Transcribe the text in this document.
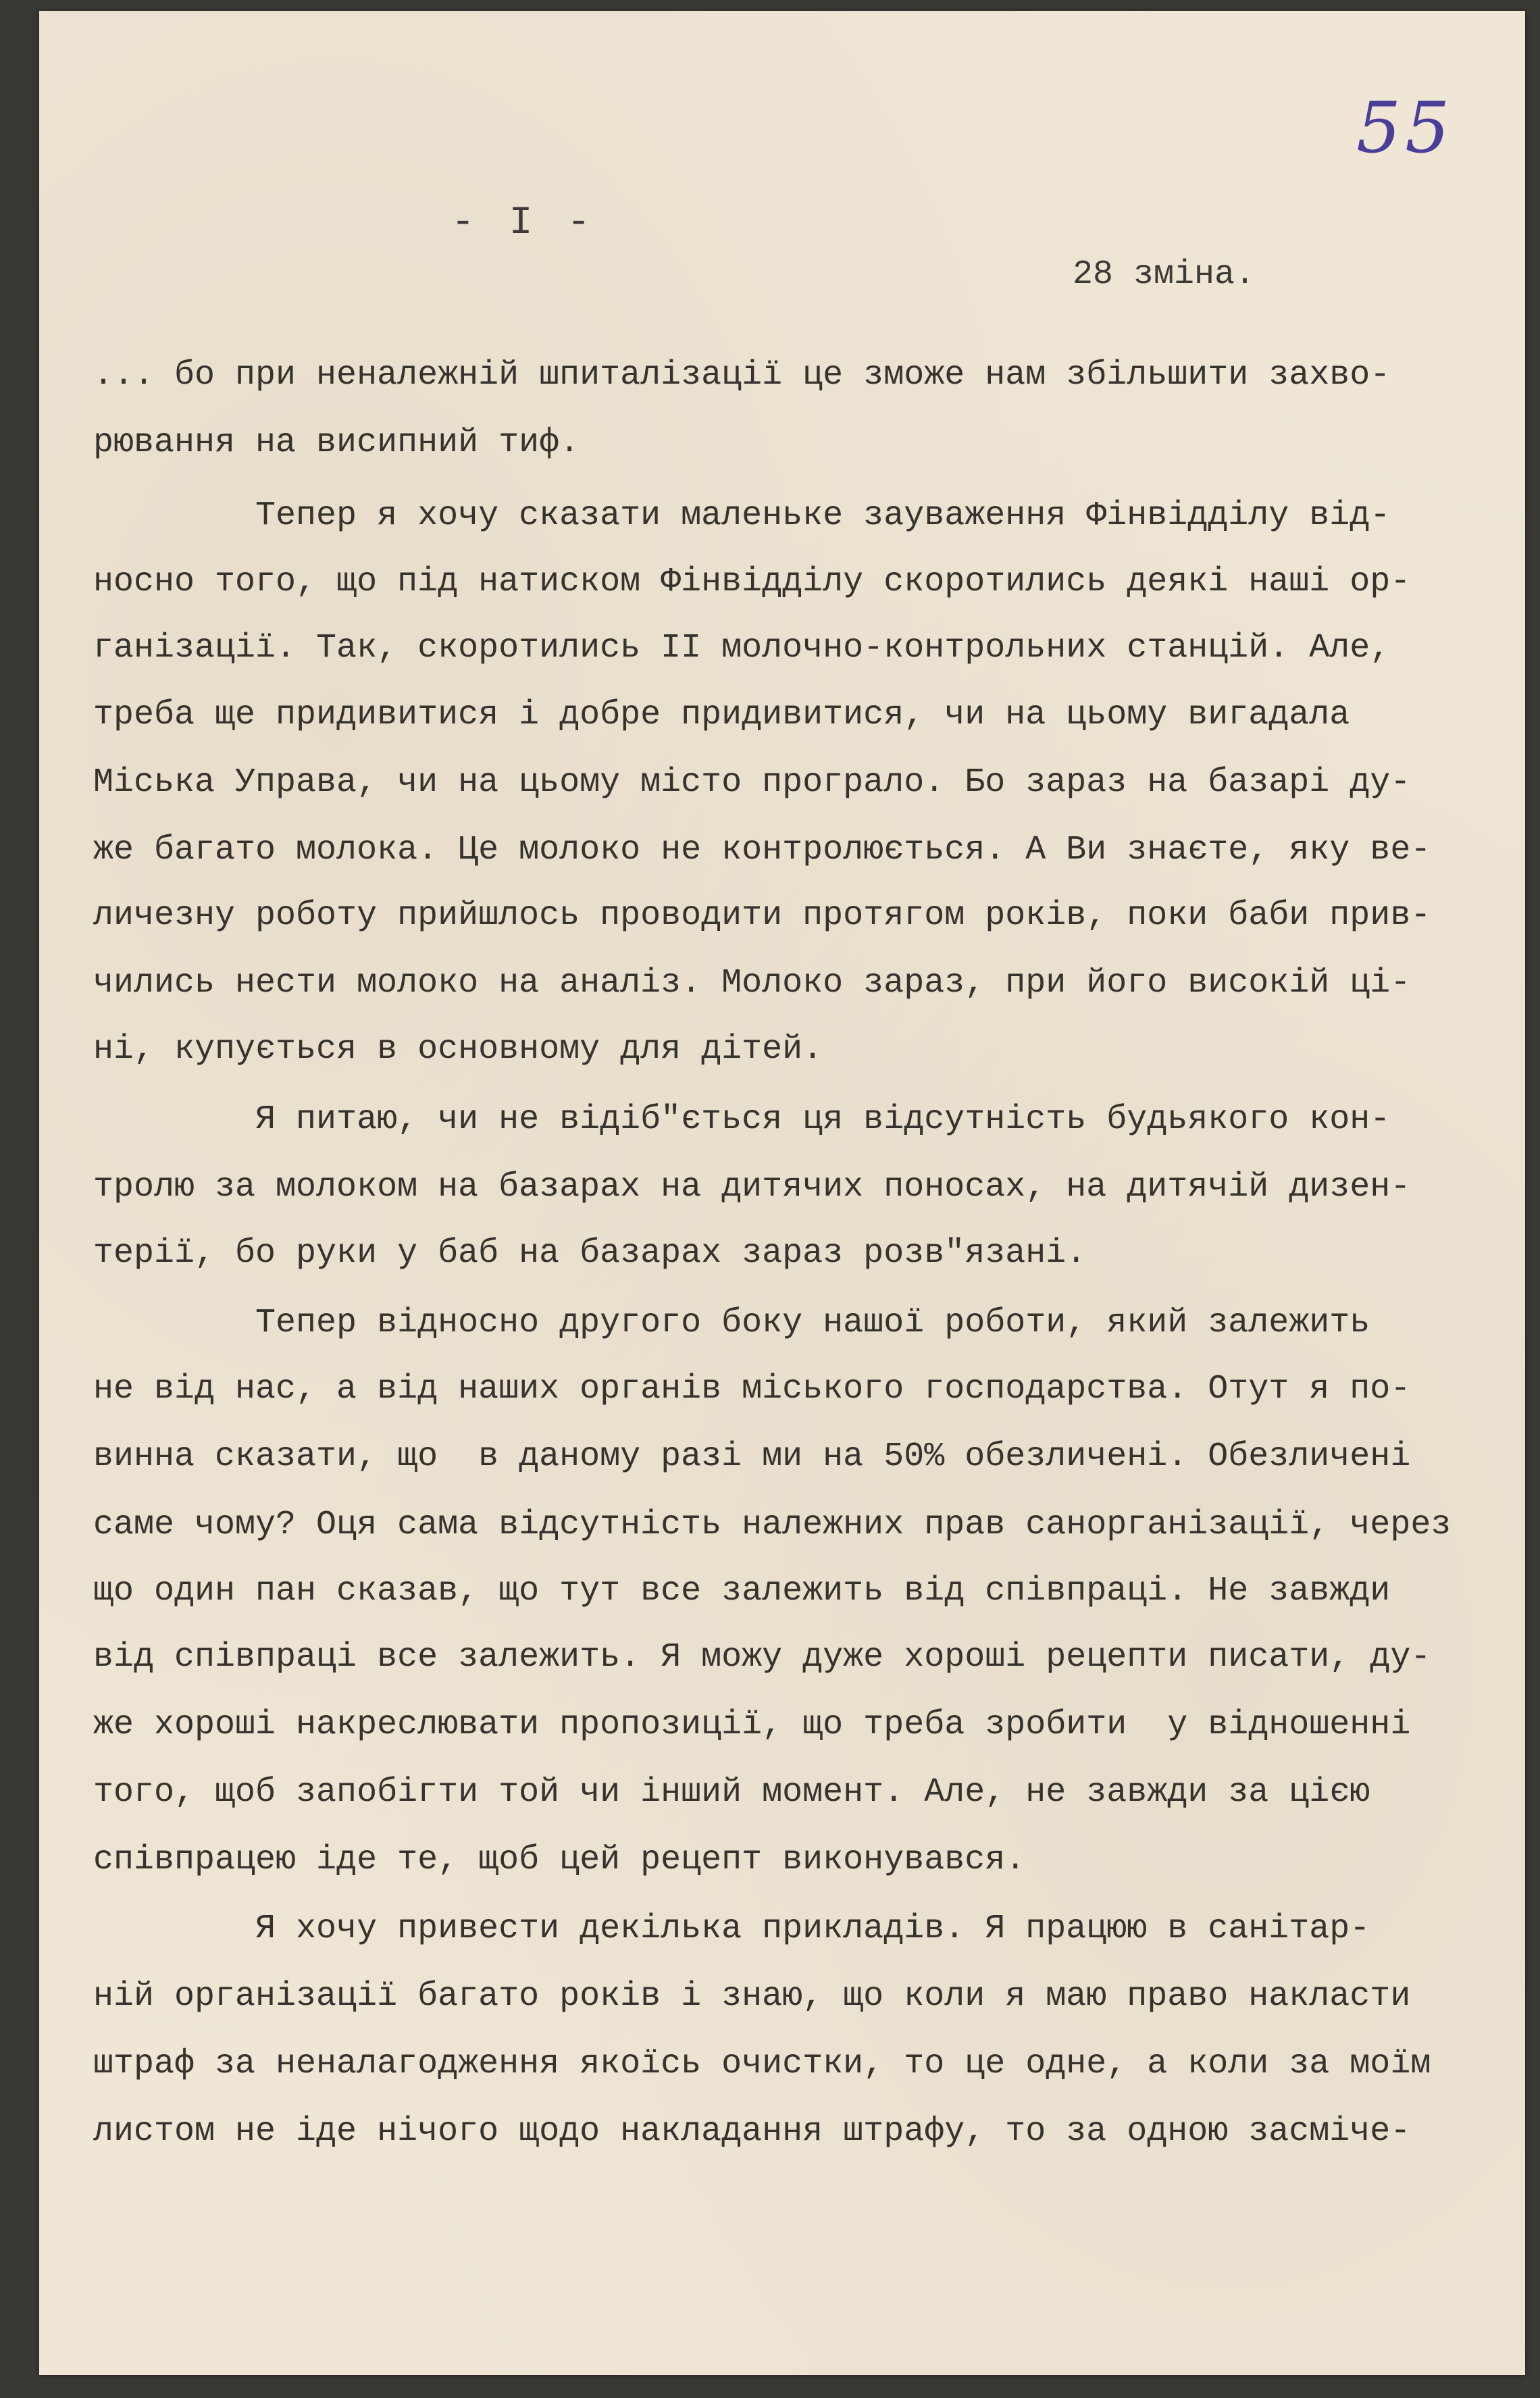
55
- I -
28 зміна.
... бо при неналежній шпиталізації це зможе нам збільшити захво-
рювання на висипний тиф.
Тепер я хочу сказати маленьке зауваження Фінвідділу від-
носно того, що під натиском Фінвідділу скоротились деякі наші ор-
ганізації. Так, скоротились II молочно-контрольних станцій. Але,
треба ще придивитися і добре придивитися, чи на цьому вигадала
Міська Управа, чи на цьому місто програло. Бо зараз на базарі ду-
же багато молока. Це молоко не контролюється. А Ви знаєте, яку ве-
личезну роботу прийшлось проводити протягом років, поки баби прив-
чились нести молоко на аналіз. Молоко зараз, при його високій ці-
ні, купується в основному для дітей.
Я питаю, чи не відіб"ється ця відсутність будьякого кон-
тролю за молоком на базарах на дитячих поносах, на дитячій дизен-
терії, бо руки у баб на базарах зараз розв"язані.
Тепер відносно другого боку нашої роботи, який залежить
не від нас, а від наших органів міського господарства. Отут я по-
винна сказати, що  в даному разі ми на 50% обезличені. Обезличені
саме чому? Оця сама відсутність належних прав санорганізації, через
що один пан сказав, що тут все залежить від співпраці. Не завжди
від співпраці все залежить. Я можу дуже хороші рецепти писати, ду-
же хороші накреслювати пропозиції, що треба зробити  у відношенні
того, щоб запобігти той чи інший момент. Але, не завжди за цією
співпрацею іде те, щоб цей рецепт виконувався.
Я хочу привести декілька прикладів. Я працюю в санітар-
ній організації багато років і знаю, що коли я маю право накласти
штраф за неналагодження якоїсь очистки, то це одне, а коли за моїм
листом не іде нічого щодо накладання штрафу, то за одною засміче-
